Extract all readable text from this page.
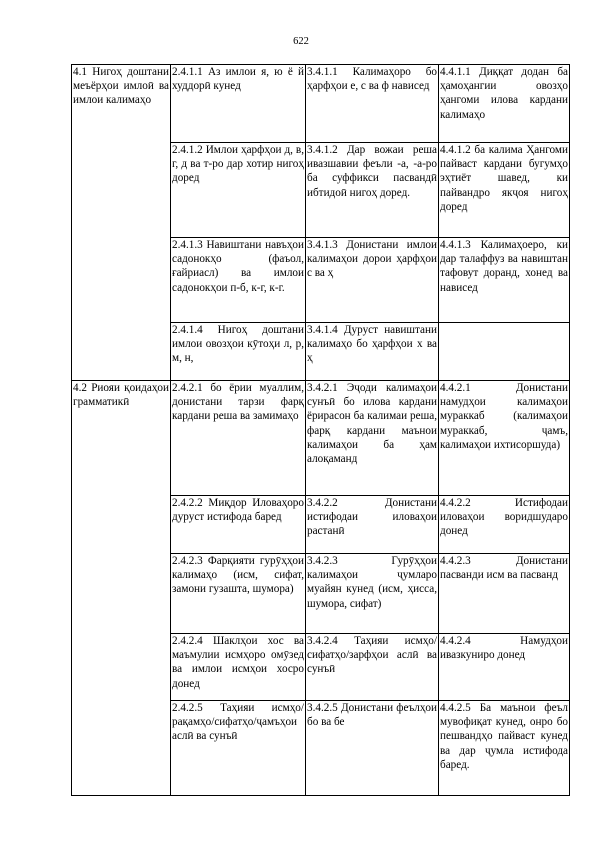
622
4.1 Нигоҳ доштани меъёрҳои имлоӣ ва имлои калимаҳо	2.4.1.1 Аз имлои я, ю ё й худдорӣ кунед	3.4.1.1 Калимаҳоро бо ҳарфҳои е, с ва ф нависед	4.4.1.1 Диққат додан ба ҳамоҳангии овозҳо ҳангоми илова кардани калимаҳо
	2.4.1.2 Имлои ҳарфҳои д, в, г, д ва т-ро дар хотир нигоҳ доред	3.4.1.2 Дар вожаи реша ивазшавии феъли -а, -а-ро ба суффикси пасвандӣ ибтидоӣ нигоҳ доред.	4.4.1.2 ба калима Ҳангоми пайваст кардани бугумҳо эҳтиёт шавед, ки пайвандро якҷоя нигоҳ доред
	2.4.1.3 Навиштани навъҳои садонокҳо (фаъол, ғайриасл) ва имлои садонокҳои п-б, к-г, к-г.	3.4.1.3 Донистани имлои калимаҳои дорои ҳарфҳои с ва ҳ	4.4.1.3 Калимаҳоеро, ки дар талаффуз ва навиштан тафовут доранд, хонед ва нависед
	2.4.1.4 Нигоҳ доштани имлои овозҳои кӯтоҳи л, р, м, н,	3.4.1.4 Дуруст навиштани калимаҳо бо ҳарфҳои х ва ҳ	
4.2 Риояи қоидаҳои грамматикӣ	2.4.2.1 бо ёрии муаллим, донистани тарзи фарқ кардани реша ва замимаҳо	3.4.2.1 Эҷоди калимаҳои сунъӣ бо илова кардани ёрирасон ба калимаи реша, фарқ кардани маънои калимаҳои ба ҳам алоқаманд	4.4.2.1 Донистани намудҳои калимаҳои мураккаб (калимаҳои мураккаб, ҷамъ, калимаҳои ихтисоршуда)
	2.4.2.2 Миқдор Иловаҳоро дуруст истифода баред	3.4.2.2 Донистани истифодаи иловаҳои растанӣ	4.4.2.2 Истифодаи иловаҳои воридшударо донед
	2.4.2.3 Фарқияти гурӯҳҳои калимаҳо (исм, сифат, замони гузашта, шумора)	3.4.2.3 Гурӯҳҳои калимаҳои ҷумларо муайян кунед (исм, ҳисса, шумора, сифат)	4.4.2.3 Донистани пасванди исм ва пасванд
	2.4.2.4 Шаклҳои хос ва маъмулии исмҳоро омӯзед ва имлои исмҳои хосро донед	3.4.2.4 Таҳияи исмҳо/сифатҳо/зарфҳои аслӣ ва сунъӣ	4.4.2.4 Намудҳои ивазкуниро донед
	2.4.2.5 Таҳияи исмҳо/рақамҳо/сифатҳо/ҷамъҳои аслӣ ва сунъӣ	3.4.2.5 Донистани феълҳои бо ва бе	4.4.2.5 Ба маънои феъл мувофиқат кунед, онро бо пешвандҳо пайваст кунед ва дар ҷумла истифода баред.
